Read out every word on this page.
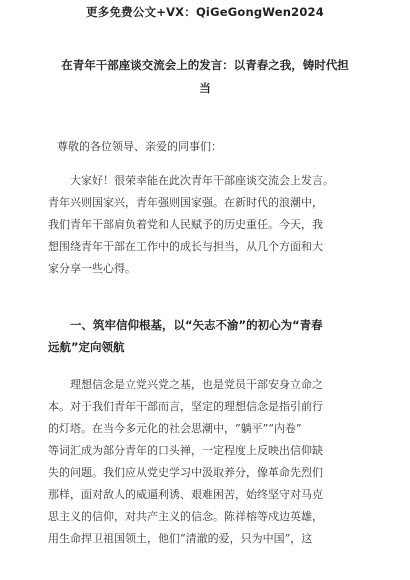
更多免费公文+VX：QiGeGongWen2024
在青年干部座谈交流会上的发言：以青春之我，铸时代担
当
尊敬的各位领导、亲爱的同事们：
大家好！很荣幸能在此次青年干部座谈交流会上发言。
青年兴则国家兴，青年强则国家强。在新时代的浪潮中，
我们青年干部肩负着党和人民赋予的历史重任。今天，我
想围绕青年干部在工作中的成长与担当，从几个方面和大
家分享一些心得。
一、筑牢信仰根基，以“矢志不渝”的初心为“青春
远航”定向领航
理想信念是立党兴党之基，也是党员干部安身立命之
本。对于我们青年干部而言，坚定的理想信念是指引前行
的灯塔。在当今多元化的社会思潮中，“躺平”“内卷”
等词汇成为部分青年的口头禅，一定程度上反映出信仰缺
失的问题。我们应从党史学习中汲取养分，像革命先烈们
那样，面对敌人的威逼利诱、艰难困苦，始终坚守对马克
思主义的信仰，对共产主义的信念。陈祥榕等戍边英雄，
用生命捍卫祖国领土，他们“清澈的爱，只为中国”，这
